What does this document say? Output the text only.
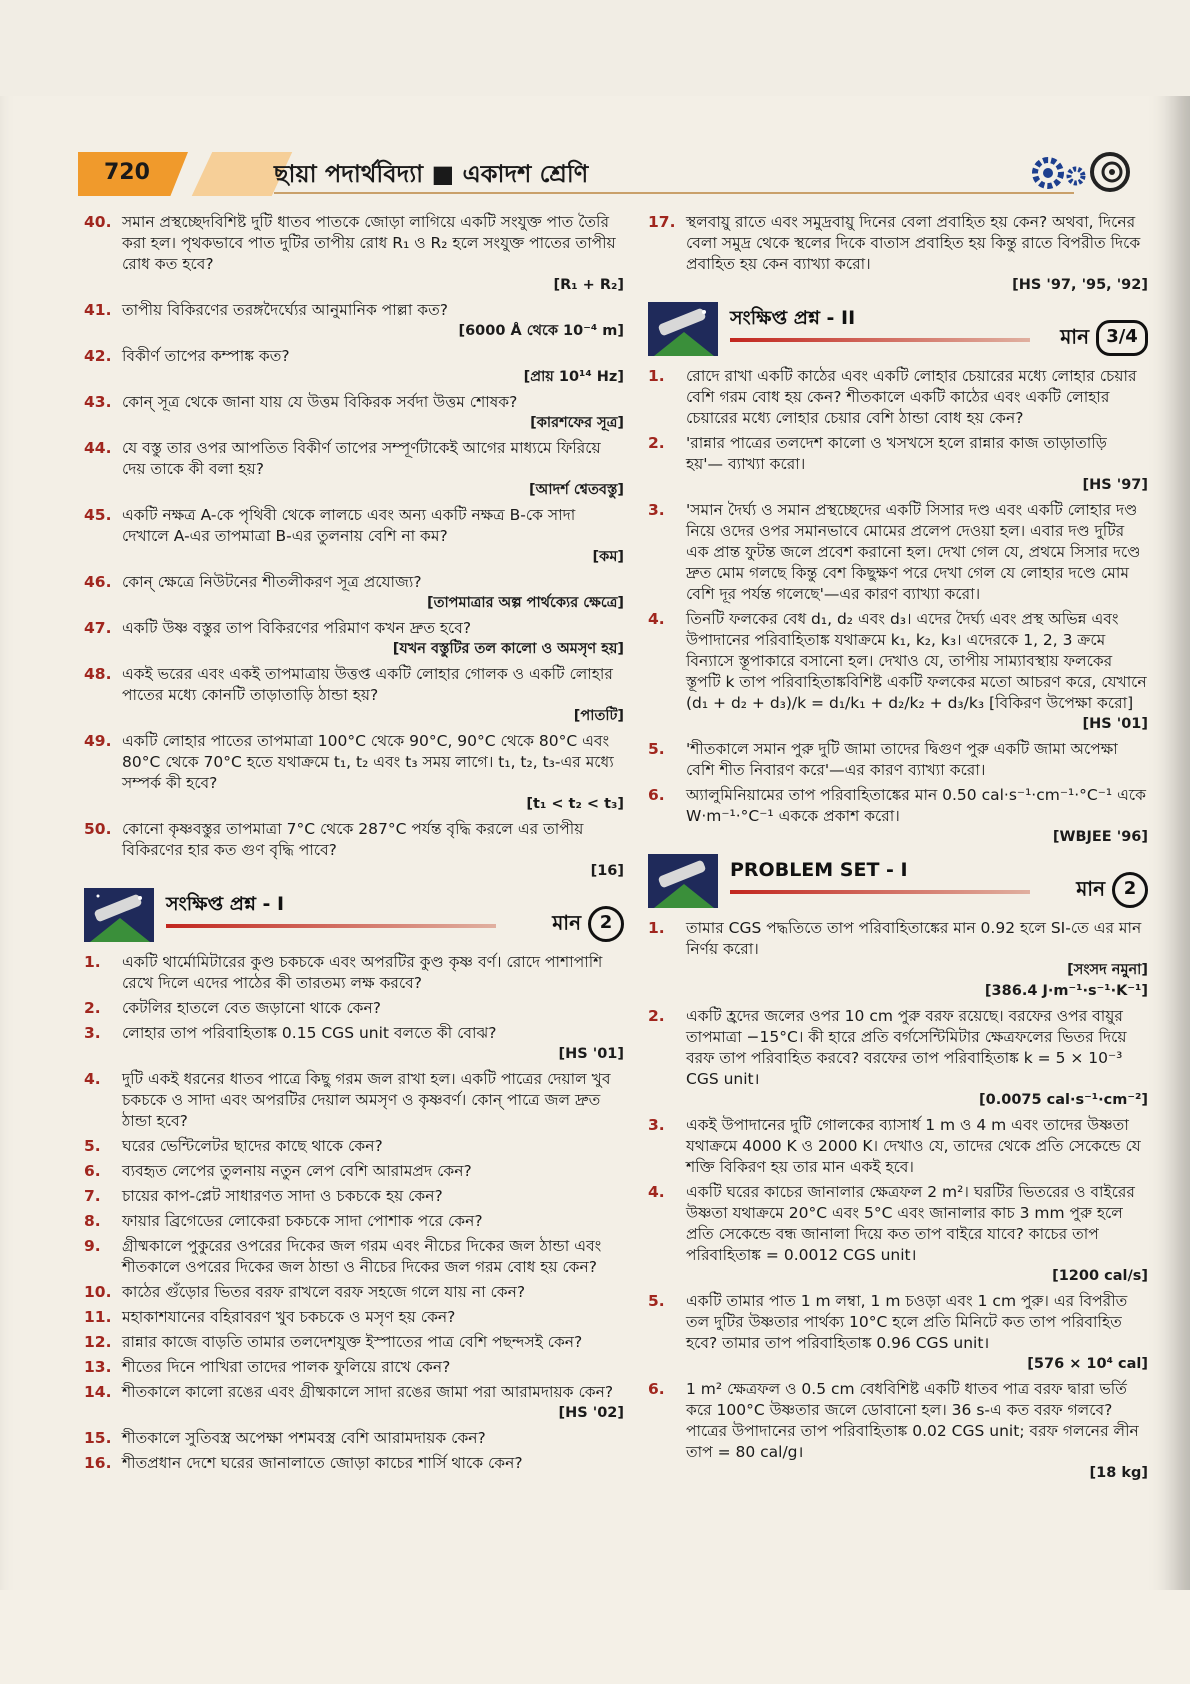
720	ছায়া পদার্থবিদ্যা ■ একাদশ শ্রেণি
40. সমান প্রস্থচ্ছেদবিশিষ্ট দুটি ধাতব পাতকে জোড়া লাগিয়ে একটি সংযুক্ত পাত তৈরি করা হল। পৃথকভাবে পাত দুটির তাপীয় রোধ R₁ ও R₂ হলে সংযুক্ত পাতের তাপীয় রোধ কত হবে?
[R₁ + R₂]
41. তাপীয় বিকিরণের তরঙ্গদৈর্ঘ্যের আনুমানিক পাল্লা কত?
[6000 Å থেকে 10⁻⁴ m]
42. বিকীর্ণ তাপের কম্পাঙ্ক কত?
[প্রায় 10¹⁴ Hz]
43. কোন্ সূত্র থেকে জানা যায় যে উত্তম বিকিরক সর্বদা উত্তম শোষক?
[কারশফের সূত্র]
44. যে বস্তু তার ওপর আপতিত বিকীর্ণ তাপের সম্পূর্ণটাকেই আগের মাধ্যমে ফিরিয়ে দেয় তাকে কী বলা হয়?
[আদর্শ শ্বেতবস্তু]
45. একটি নক্ষত্র A-কে পৃথিবী থেকে লালচে এবং অন্য একটি নক্ষত্র B-কে সাদা দেখালে A-এর তাপমাত্রা B-এর তুলনায় বেশি না কম?
[কম]
46. কোন্ ক্ষেত্রে নিউটনের শীতলীকরণ সূত্র প্রযোজ্য?
[তাপমাত্রার অল্প পার্থক্যের ক্ষেত্রে]
47. একটি উষ্ণ বস্তুর তাপ বিকিরণের পরিমাণ কখন দ্রুত হবে?
[যখন বস্তুটির তল কালো ও অমসৃণ হয়]
48. একই ভরের এবং একই তাপমাত্রায় উত্তপ্ত একটি লোহার গোলক ও একটি লোহার পাতের মধ্যে কোনটি তাড়াতাড়ি ঠান্ডা হয়?
[পাতটি]
49. একটি লোহার পাতের তাপমাত্রা 100°C থেকে 90°C, 90°C থেকে 80°C এবং 80°C থেকে 70°C হতে যথাক্রমে t₁, t₂ এবং t₃ সময় লাগে। t₁, t₂, t₃-এর মধ্যে সম্পর্ক কী হবে?
[t₁ < t₂ < t₃]
50. কোনো কৃষ্ণবস্তুর তাপমাত্রা 7°C থেকে 287°C পর্যন্ত বৃদ্ধি করলে এর তাপীয় বিকিরণের হার কত গুণ বৃদ্ধি পাবে?
[16]
সংক্ষিপ্ত প্রশ্ন - I
মান 2
1.	একটি থার্মোমিটারের কুণ্ড চকচকে এবং অপরটির কুণ্ড কৃষ্ণ বর্ণ। রোদে পাশাপাশি রেখে দিলে এদের পাঠের কী তারতম্য লক্ষ করবে?
2.	কেটলির হাতলে বেত জড়ানো থাকে কেন?
3.	লোহার তাপ পরিবাহিতাঙ্ক 0.15 CGS unit বলতে কী বোঝ?
[HS '01]
4.	দুটি একই ধরনের ধাতব পাত্রে কিছু গরম জল রাখা হল। একটি পাত্রের দেয়াল খুব চকচকে ও সাদা এবং অপরটির দেয়াল অমসৃণ ও কৃষ্ণবর্ণ। কোন্ পাত্রে জল দ্রুত ঠান্ডা হবে?
5.	ঘরের ভেন্টিলেটর ছাদের কাছে থাকে কেন?
6.	ব্যবহৃত লেপের তুলনায় নতুন লেপ বেশি আরামপ্রদ কেন?
7.	চায়ের কাপ-প্লেট সাধারণত সাদা ও চকচকে হয় কেন?
8.	ফায়ার ব্রিগেডের লোকেরা চকচকে সাদা পোশাক পরে কেন?
9.	গ্রীষ্মকালে পুকুরের ওপরের দিকের জল গরম এবং নীচের দিকের জল ঠান্ডা এবং শীতকালে ওপরের দিকের জল ঠান্ডা ও নীচের দিকের জল গরম বোধ হয় কেন?
10. কাঠের গুঁড়োর ভিতর বরফ রাখলে বরফ সহজে গলে যায় না কেন?
11. মহাকাশযানের বহিরাবরণ খুব চকচকে ও মসৃণ হয় কেন?
12. রান্নার কাজে বাড়তি তামার তলদেশযুক্ত ইস্পাতের পাত্র বেশি পছন্দসই কেন?
13. শীতের দিনে পাখিরা তাদের পালক ফুলিয়ে রাখে কেন?
14. শীতকালে কালো রঙের এবং গ্রীষ্মকালে সাদা রঙের জামা পরা আরামদায়ক কেন?
[HS '02]
15. শীতকালে সুতিবস্ত্র অপেক্ষা পশমবস্ত্র বেশি আরামদায়ক কেন?
16. শীতপ্রধান দেশে ঘরের জানালাতে জোড়া কাচের শার্সি থাকে কেন?
17. স্থলবায়ু রাতে এবং সমুদ্রবায়ু দিনের বেলা প্রবাহিত হয় কেন? অথবা, দিনের বেলা সমুদ্র থেকে স্থলের দিকে বাতাস প্রবাহিত হয় কিন্তু রাতে বিপরীত দিকে প্রবাহিত হয় কেন ব্যাখ্যা করো।
[HS '97, '95, '92]
সংক্ষিপ্ত প্রশ্ন - II
মান 3/4
1.	রোদে রাখা একটি কাঠের এবং একটি লোহার চেয়ারের মধ্যে লোহার চেয়ার বেশি গরম বোধ হয় কেন? শীতকালে একটি কাঠের এবং একটি লোহার চেয়ারের মধ্যে লোহার চেয়ার বেশি ঠান্ডা বোধ হয় কেন?
2.	'রান্নার পাত্রের তলদেশ কালো ও খসখসে হলে রান্নার কাজ তাড়াতাড়ি হয়'— ব্যাখ্যা করো।
[HS '97]
3.	'সমান দৈর্ঘ্য ও সমান প্রস্থচ্ছেদের একটি সিসার দণ্ড এবং একটি লোহার দণ্ড নিয়ে ওদের ওপর সমানভাবে মোমের প্রলেপ দেওয়া হল। এবার দণ্ড দুটির এক প্রান্ত ফুটন্ত জলে প্রবেশ করানো হল। দেখা গেল যে, প্রথমে সিসার দণ্ডে দ্রুত মোম গলছে কিন্তু বেশ কিছুক্ষণ পরে দেখা গেল যে লোহার দণ্ডে মোম বেশি দূর পর্যন্ত গলেছে'—এর কারণ ব্যাখ্যা করো।
4.	তিনটি ফলকের বেধ d₁, d₂ এবং d₃। এদের দৈর্ঘ্য এবং প্রস্থ অভিন্ন এবং উপাদানের পরিবাহিতাঙ্ক যথাক্রমে k₁, k₂, k₃। এদেরকে 1, 2, 3 ক্রমে বিন্যাসে স্তূপাকারে বসানো হল। দেখাও যে, তাপীয় সাম্যাবস্থায় ফলকের স্তূপটি k তাপ পরিবাহিতাঙ্কবিশিষ্ট একটি ফলকের মতো আচরণ করে, যেখানে (d₁ + d₂ + d₃)/k = d₁/k₁ + d₂/k₂ + d₃/k₃ [বিকিরণ উপেক্ষা করো]
[HS '01]
5.	'শীতকালে সমান পুরু দুটি জামা তাদের দ্বিগুণ পুরু একটি জামা অপেক্ষা বেশি শীত নিবারণ করে'—এর কারণ ব্যাখ্যা করো।
6.	অ্যালুমিনিয়ামের তাপ পরিবাহিতাঙ্কের মান 0.50 cal·s⁻¹·cm⁻¹·°C⁻¹ একে W·m⁻¹·°C⁻¹ এককে প্রকাশ করো।
[WBJEE '96]
PROBLEM SET - I
মান 2
1.	তামার CGS পদ্ধতিতে তাপ পরিবাহিতাঙ্কের মান 0.92 হলে SI-তে এর মান নির্ণয় করো।
[সংসদ নমুনা]
[386.4 J·m⁻¹·s⁻¹·K⁻¹]
2.	একটি হ্রদের জলের ওপর 10 cm পুরু বরফ রয়েছে। বরফের ওপর বায়ুর তাপমাত্রা −15°C। কী হারে প্রতি বর্গসেন্টিমিটার ক্ষেত্রফলের ভিতর দিয়ে বরফ তাপ পরিবাহিত করবে? বরফের তাপ পরিবাহিতাঙ্ক k = 5 × 10⁻³ CGS unit।
[0.0075 cal·s⁻¹·cm⁻²]
3.	একই উপাদানের দুটি গোলকের ব্যাসার্ধ 1 m ও 4 m এবং তাদের উষ্ণতা যথাক্রমে 4000 K ও 2000 K। দেখাও যে, তাদের থেকে প্রতি সেকেন্ডে যে শক্তি বিকিরণ হয় তার মান একই হবে।
4.	একটি ঘরের কাচের জানালার ক্ষেত্রফল 2 m²। ঘরটির ভিতরের ও বাইরের উষ্ণতা যথাক্রমে 20°C এবং 5°C এবং জানালার কাচ 3 mm পুরু হলে প্রতি সেকেন্ডে বন্ধ জানালা দিয়ে কত তাপ বাইরে যাবে? কাচের তাপ পরিবাহিতাঙ্ক = 0.0012 CGS unit।
[1200 cal/s]
5.	একটি তামার পাত 1 m লম্বা, 1 m চওড়া এবং 1 cm পুরু। এর বিপরীত তল দুটির উষ্ণতার পার্থক্য 10°C হলে প্রতি মিনিটে কত তাপ পরিবাহিত হবে? তামার তাপ পরিবাহিতাঙ্ক 0.96 CGS unit।
[576 × 10⁴ cal]
6.	1 m² ক্ষেত্রফল ও 0.5 cm বেধবিশিষ্ট একটি ধাতব পাত্র বরফ দ্বারা ভর্তি করে 100°C উষ্ণতার জলে ডোবানো হল। 36 s-এ কত বরফ গলবে? পাত্রের উপাদানের তাপ পরিবাহিতাঙ্ক 0.02 CGS unit; বরফ গলনের লীন তাপ = 80 cal/g।
[18 kg]
